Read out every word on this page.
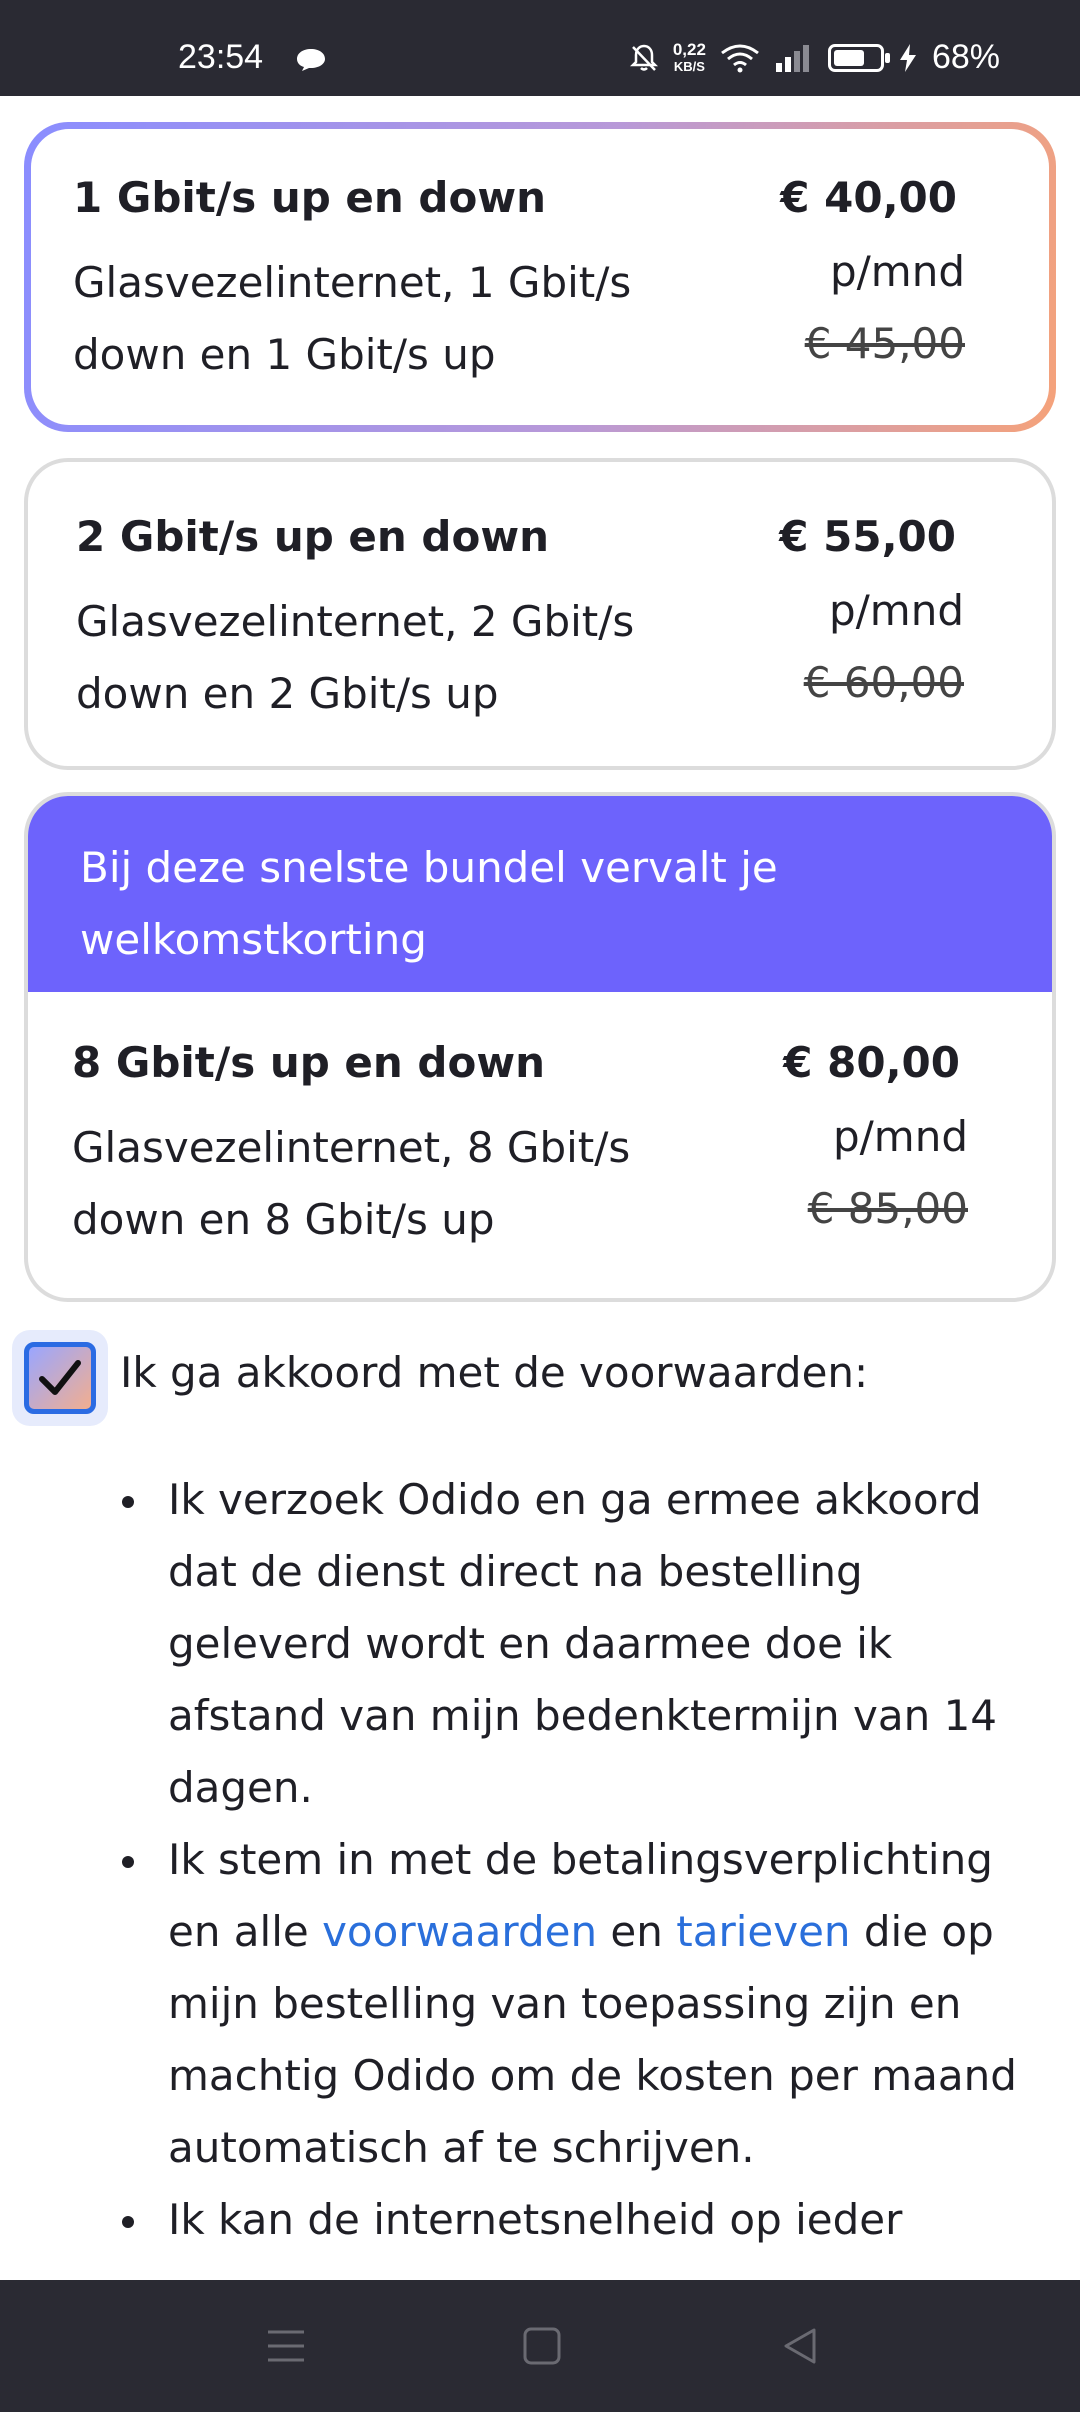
23:54	0,22
KB/S	68%
1 Gbit/s up en down
Glasvezelinternet, 1 Gbit/s
down en 1 Gbit/s up
€ 40,00
p/mnd
€ 45,00
2 Gbit/s up en down
Glasvezelinternet, 2 Gbit/s
down en 2 Gbit/s up
€ 55,00
p/mnd
€ 60,00
Bij deze snelste bundel vervalt je welkomstkorting
8 Gbit/s up en down
Glasvezelinternet, 8 Gbit/s
down en 8 Gbit/s up
€ 80,00
p/mnd
€ 85,00
Ik ga akkoord met de voorwaarden:
Ik verzoek Odido en ga ermee akkoord dat de dienst direct na bestelling geleverd wordt en daarmee doe ik afstand van mijn bedenktermijn van 14 dagen.
Ik stem in met de betalingsverplichting en alle voorwaarden en tarieven die op mijn bestelling van toepassing zijn en machtig Odido om de kosten per maand automatisch af te schrijven.
Ik kan de internetsnelheid op ieder
